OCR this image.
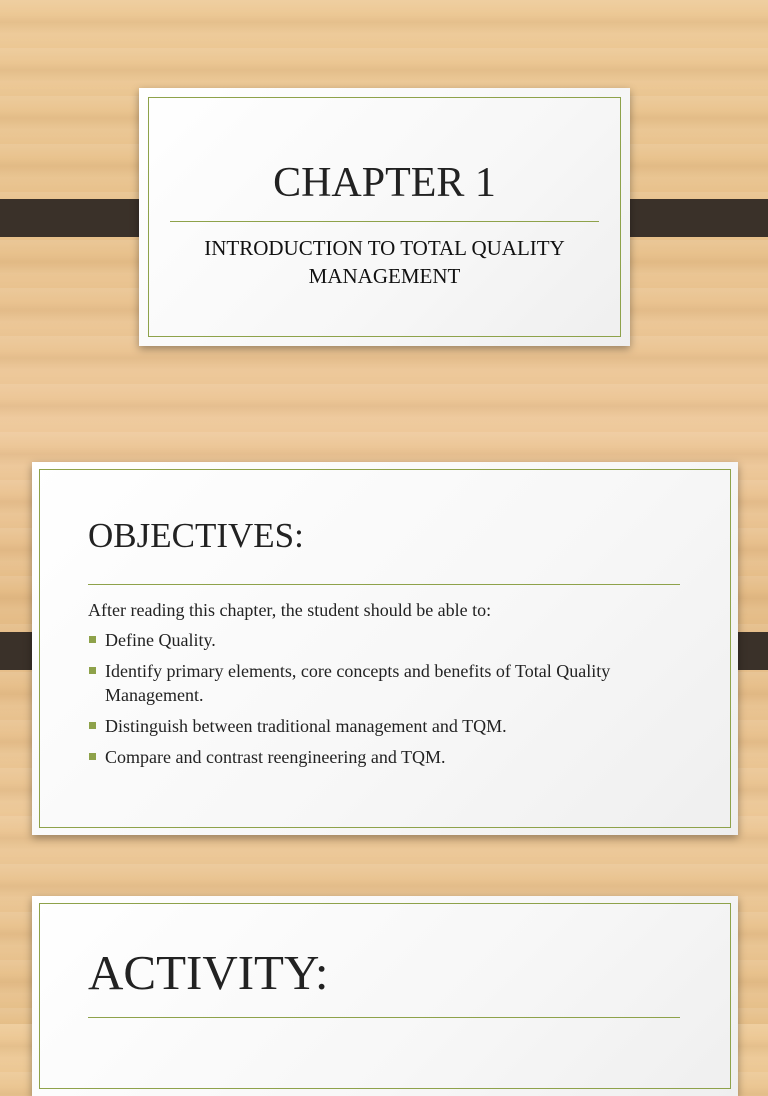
CHAPTER 1
INTRODUCTION TO TOTAL QUALITY
MANAGEMENT
OBJECTIVES:
After reading this chapter, the student should be able to:
Define Quality.
Identify primary elements, core concepts and benefits of Total Quality Management.
Distinguish between traditional management and TQM.
Compare and contrast reengineering and TQM.
ACTIVITY:
